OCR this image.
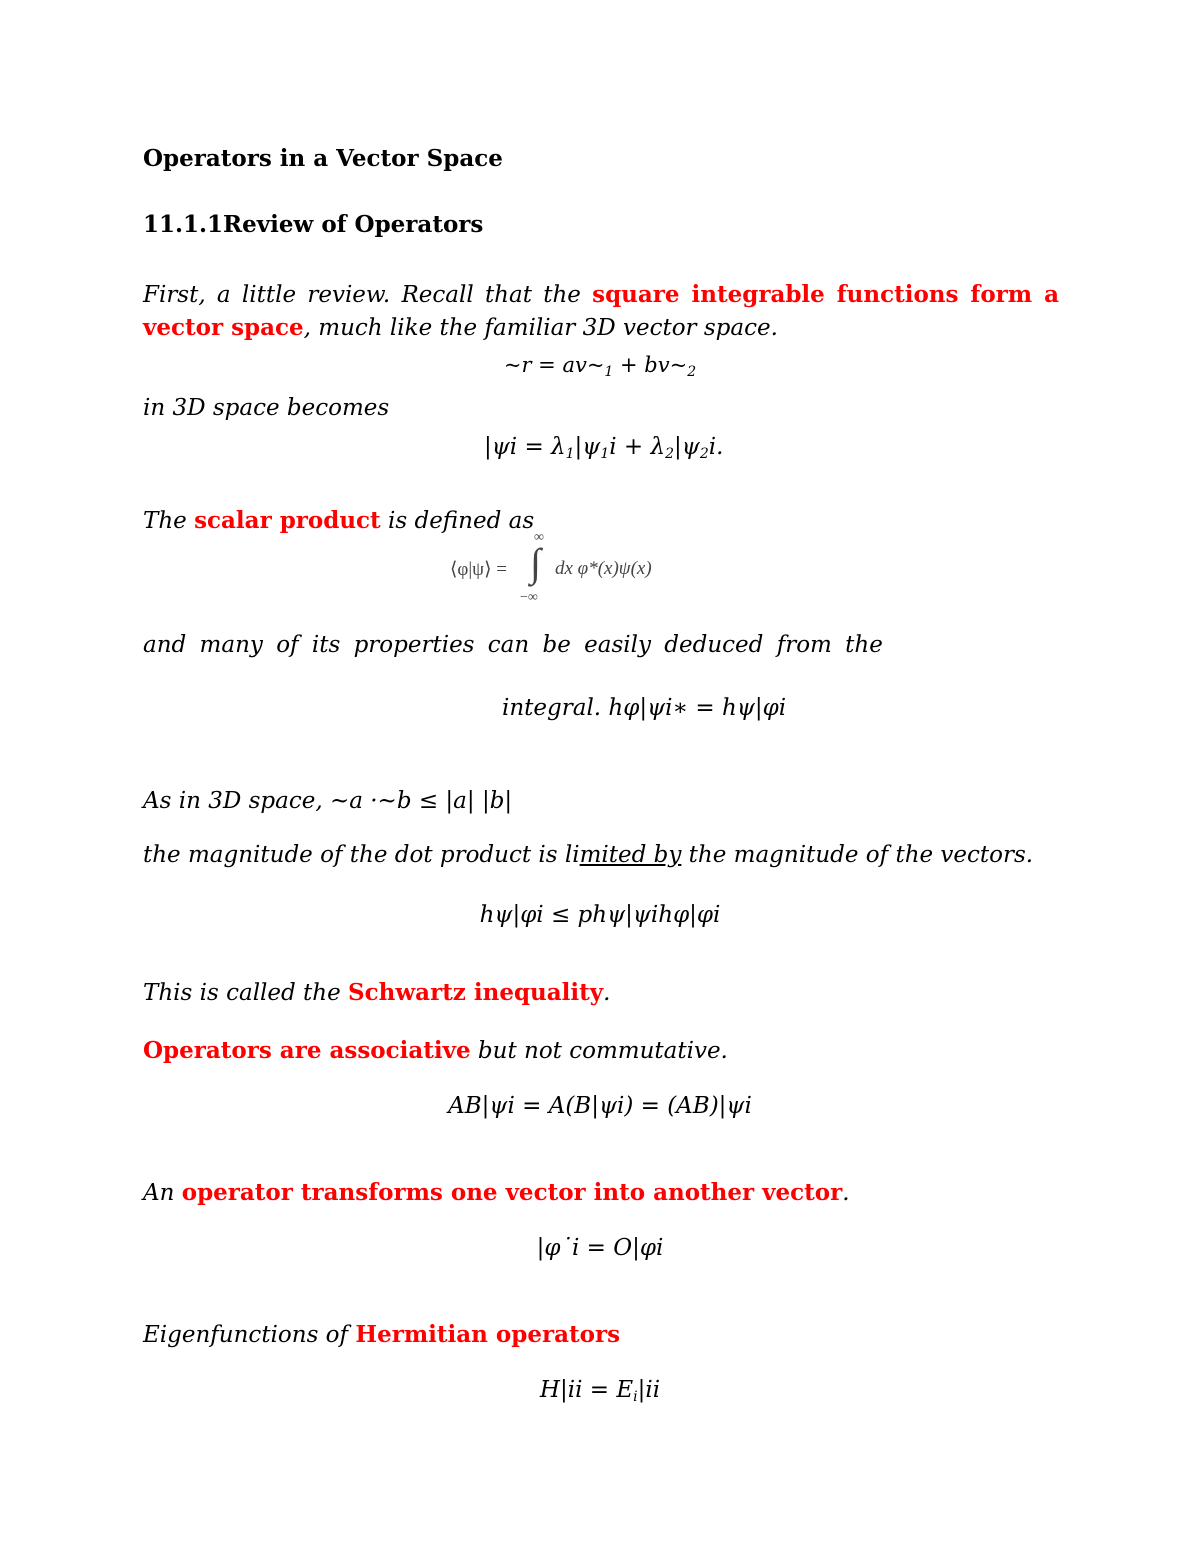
Operators in a Vector Space
11.1.1Review of Operators
First, a little review. Recall that the square integrable functions form a
vector space, much like the familiar 3D vector space.
~r = $av\sim_1$ + $bv\sim_2$
in 3D space becomes
$|\psi i = \lambda_1|\psi_1i + \lambda_2|\psi_2i$.
The scalar product is defined as
⟨φ|ψ⟩ =
∞
∫
−∞
dx φ*(x)ψ(x)
and many of its properties can be easily deduced from the
integral. hφ|ψi∗ = hψ|φi
As in 3D space, ~a ·~b ≤ |a| |b|
the magnitude of the dot product is limited by the magnitude of the vectors.
hψ|φi ≤ phψ|ψihφ|φi
This is called the Schwartz inequality.
Operators are associative but not commutative.
AB|ψi = A(B|ψi) = (AB)|ψi
An operator transforms one vector into another vector.
|φ˙i = O|φi
Eigenfunctions of Hermitian operators
$H|ii = E_i|ii$
